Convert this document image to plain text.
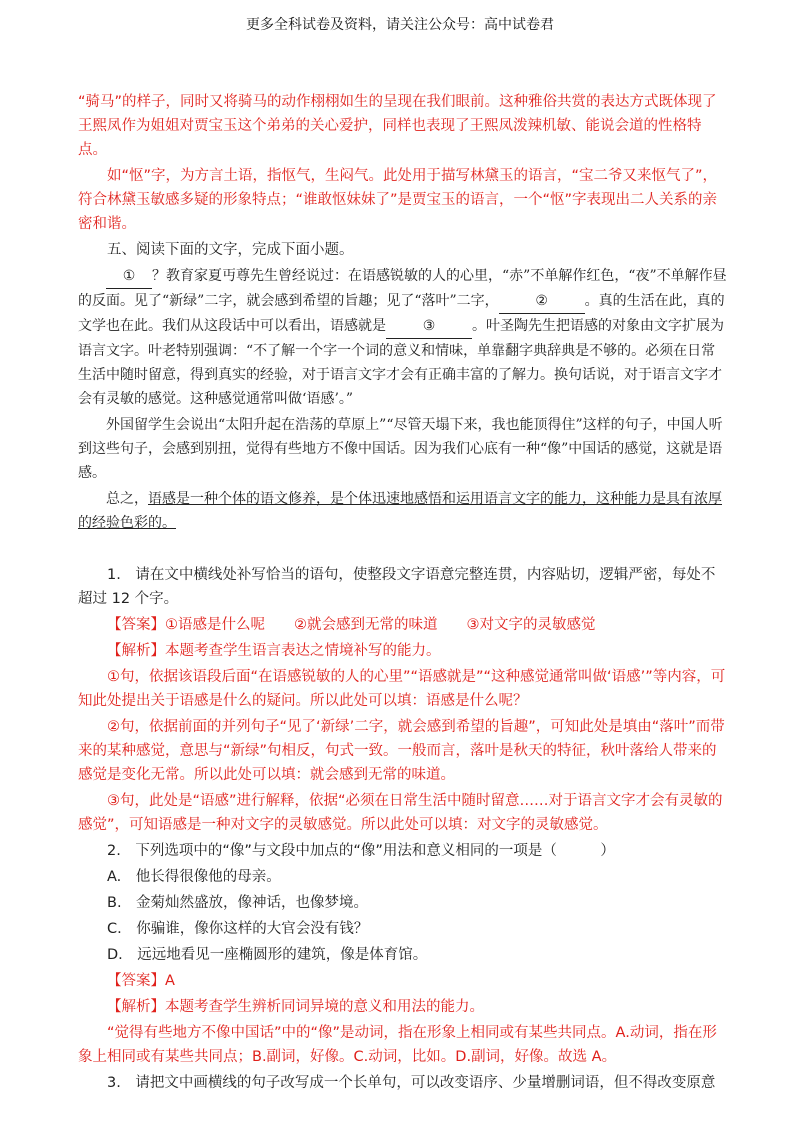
更多全科试卷及资料，请关注公众号：高中试卷君

“骑马”的样子，同时又将骑马的动作栩栩如生的呈现在我们眼前。这种雅俗共赏的表达方式既体现了王熙凤作为姐姐对贾宝玉这个弟弟的关心爱护，同样也表现了王熙凤泼辣机敏、能说会道的性格特点。

如“怄”字，为方言土语，指怄气，生闷气。此处用于描写林黛玉的语言，“宝二爷又来怄气了”，符合林黛玉敏感多疑的形象特点；“谁敢怄妹妹了”是贾宝玉的语言，一个“怄”字表现出二人关系的亲密和谐。

五、阅读下面的文字，完成下面小题。

① ？教育家夏丏尊先生曾经说过：在语感锐敏的人的心里，“赤”不单解作红色，“夜”不单解作昼的反面。见了“新绿”二字，就会感到希望的旨趣；见了“落叶”二字，	②	。真的生活在此，真的文学也在此。我们从这段话中可以看出，语感就是	③	。叶圣陶先生把语感的对象由文字扩展为语言文字。叶老特别强调：“不了解一个字一个词的意义和情味，单靠翻字典辞典是不够的。必须在日常生活中随时留意，得到真实的经验，对于语言文字才会有正确丰富的了解力。换句话说，对于语言文字才会有灵敏的感觉。这种感觉通常叫做‘语感’。”

外国留学生会说出“太阳升起在浩荡的草原上”“尽管天塌下来，我也能顶得住”这样的句子，中国人听到这些句子，会感到别扭，觉得有些地方不像中国话。因为我们心底有一种“像”中国话的感觉，这就是语感。

总之，语感是一种个体的语文修养，是个体迅速地感悟和运用语言文字的能力，这种能力是具有浓厚的经验色彩的。

1.　请在文中横线处补写恰当的语句，使整段文字语意完整连贯，内容贴切，逻辑严密，每处不超过 12 个字。

【答案】①语感是什么呢　　②就会感到无常的味道　　③对文字的灵敏感觉

【解析】本题考查学生语言表达之情境补写的能力。

①句，依据该语段后面“在语感锐敏的人的心里”“语感就是”“这种感觉通常叫做‘语感’”等内容，可知此处提出关于语感是什么的疑问。所以此处可以填：语感是什么呢？

②句，依据前面的并列句子“见了‘新绿’二字，就会感到希望的旨趣”，可知此处是填由“落叶”而带来的某种感觉，意思与“新绿”句相反，句式一致。一般而言，落叶是秋天的特征，秋叶落给人带来的感觉是变化无常。所以此处可以填：就会感到无常的味道。

③句，此处是“语感”进行解释，依据“必须在日常生活中随时留意……对于语言文字才会有灵敏的感觉”，可知语感是一种对文字的灵敏感觉。所以此处可以填：对文字的灵敏感觉。

2.　下列选项中的“像”与文段中加点的“像”用法和意义相同的一项是（　　　）

A.　他长得很像他的母亲。

B.　金菊灿然盛放，像神话，也像梦境。

C.　你骗谁，像你这样的大官会没有钱？

D.　远远地看见一座椭圆形的建筑，像是体育馆。

【答案】A

【解析】本题考查学生辨析同词异境的意义和用法的能力。

“觉得有些地方不像中国话”中的“像”是动词，指在形象上相同或有某些共同点。A.动词，指在形象上相同或有某些共同点；B.副词，好像。C.动词，比如。D.副词，好像。故选 A。

3.　请把文中画横线的句子改写成一个长单句，可以改变语序、少量增删词语，但不得改变原意
